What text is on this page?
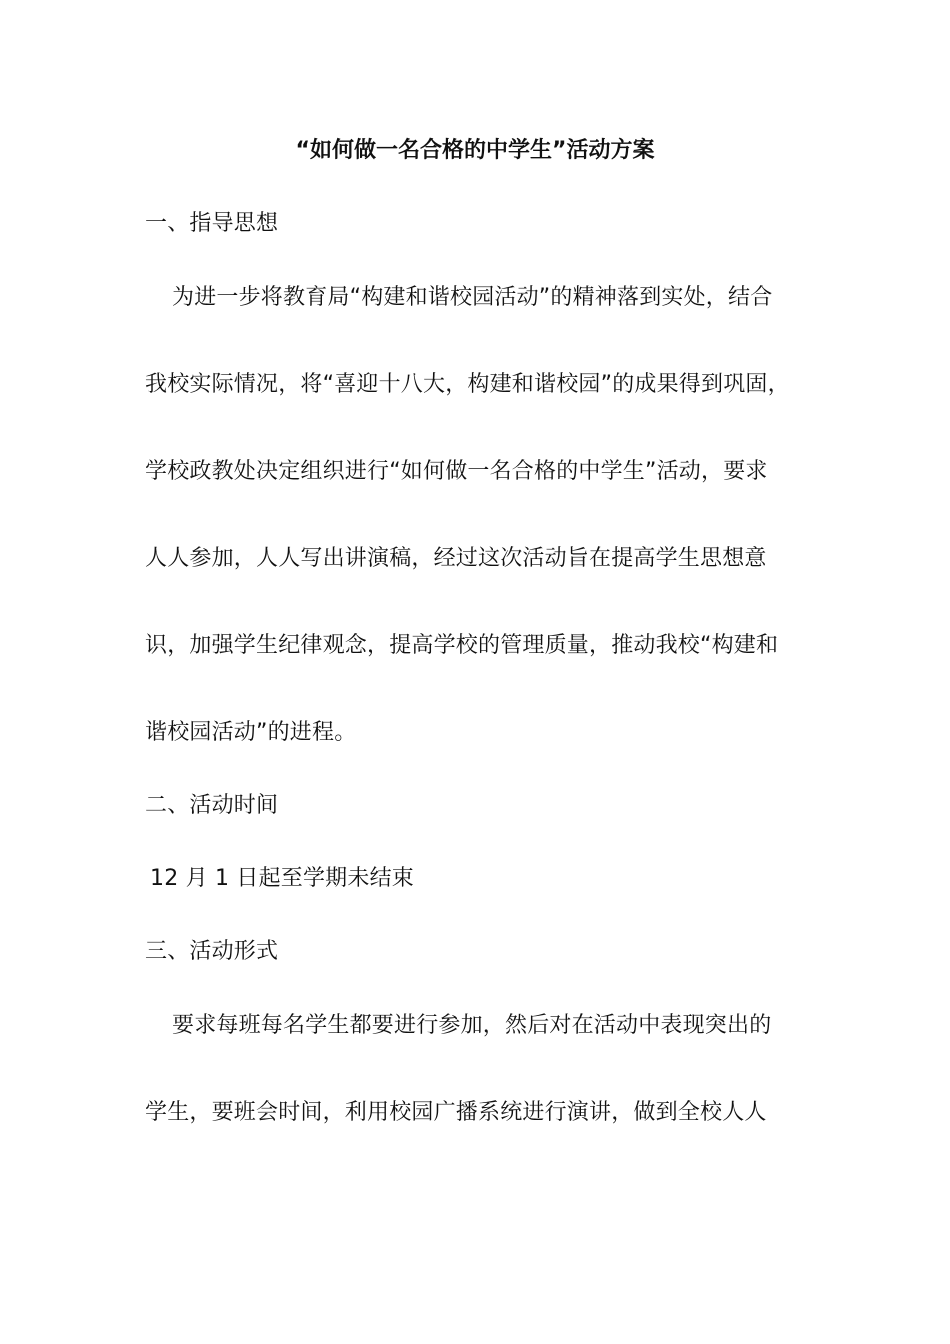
“如何做一名合格的中学生”活动方案
一、指导思想
为进一步将教育局“构建和谐校园活动”的精神落到实处，结合
我校实际情况，将“喜迎十八大，构建和谐校园”的成果得到巩固，
学校政教处决定组织进行“如何做一名合格的中学生”活动，要求
人人参加，人人写出讲演稿，经过这次活动旨在提高学生思想意
识，加强学生纪律观念，提高学校的管理质量，推动我校“构建和
谐校园活动”的进程。
二、活动时间
12 月 1 日起至学期未结束
三、活动形式
要求每班每名学生都要进行参加，然后对在活动中表现突出的
学生，要班会时间，利用校园广播系统进行演讲，做到全校人人
